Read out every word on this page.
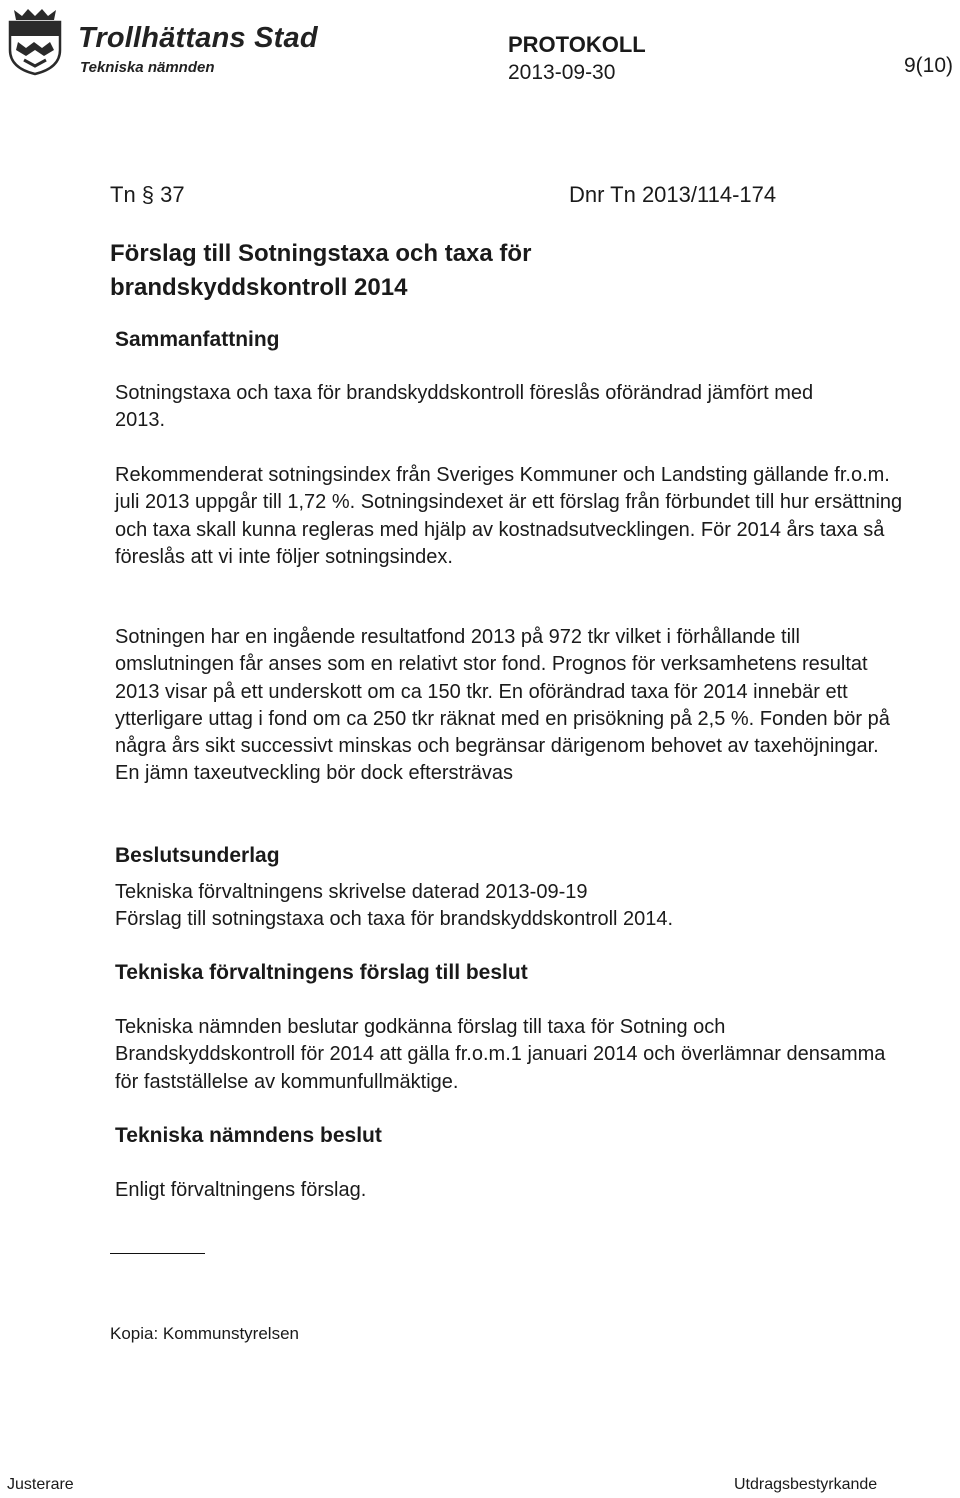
Trollhättans Stad
Tekniska nämnden
PROTOKOLL
2013-09-30	9(10)
Tn § 37	Dnr Tn 2013/114-174
Förslag till Sotningstaxa och taxa för
brandskyddskontroll 2014
Sammanfattning

Sotningstaxa och taxa för brandskyddskontroll föreslås oförändrad jämfört med 2013.

Rekommenderat sotningsindex från Sveriges Kommuner och Landsting gällande fr.o.m. juli 2013 uppgår till 1,72 %. Sotningsindexet är ett förslag från förbundet till hur ersättning och taxa skall kunna regleras med hjälp av kostnadsutvecklingen. För 2014 års taxa så föreslås att vi inte följer sotningsindex.

Sotningen har en ingående resultatfond 2013 på 972 tkr vilket i förhållande till omslutningen får anses som en relativt stor fond. Prognos för verksamhetens resultat 2013 visar på ett underskott om ca 150 tkr. En oförändrad taxa för 2014 innebär ett ytterligare uttag i fond om ca 250 tkr räknat med en prisökning på 2,5 %. Fonden bör på några års sikt successivt minskas och begränsar därigenom behovet av taxehöjningar. En jämn taxeutveckling bör dock eftersträvas

Beslutsunderlag

Tekniska förvaltningens skrivelse daterad 2013-09-19

Förslag till sotningstaxa och taxa för brandskyddskontroll 2014.

Tekniska förvaltningens förslag till beslut

Tekniska nämnden beslutar godkänna förslag till taxa för Sotning och Brandskyddskontroll för 2014 att gälla fr.o.m.1 januari 2014 och överlämnar densamma för fastställelse av kommunfullmäktige.

Tekniska nämndens beslut

Enligt förvaltningens förslag.

Kopia: Kommunstyrelsen
Justerare	Utdragsbestyrkande
